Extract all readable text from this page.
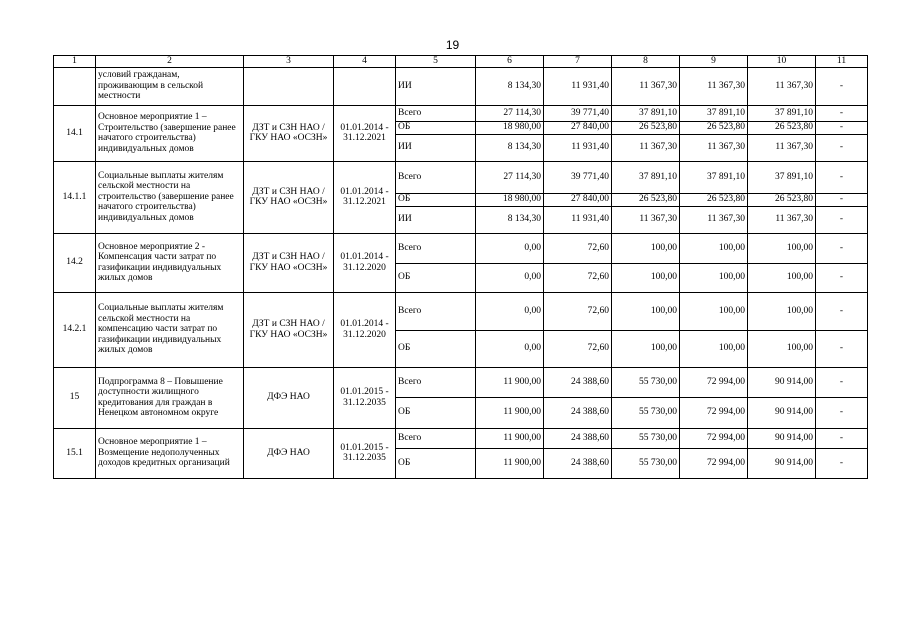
19
1	2	3	4	5	6	7	8	9	10	11
	условий гражданам, проживающим в сельской местности			ИИ	8 134,30	11 931,40	11 367,30	11 367,30	11 367,30	-
14.1	Основное мероприятие 1 – Строительство (завершение ранее начатого строительства) индивидуальных домов	ДЗТ и СЗН НАО / ГКУ НАО «ОСЗН»	01.01.2014 - 31.12.2021	Всего	27 114,30	39 771,40	37 891,10	37 891,10	37 891,10	-
				ОБ	18 980,00	27 840,00	26 523,80	26 523,80	26 523,80	-
				ИИ	8 134,30	11 931,40	11 367,30	11 367,30	11 367,30	-
14.1.1	Социальные выплаты жителям сельской местности на строительство (завершение ранее начатого строительства) индивидуальных домов	ДЗТ и СЗН НАО / ГКУ НАО «ОСЗН»	01.01.2014 - 31.12.2021	Всего	27 114,30	39 771,40	37 891,10	37 891,10	37 891,10	-
				ОБ	18 980,00	27 840,00	26 523,80	26 523,80	26 523,80	-
				ИИ	8 134,30	11 931,40	11 367,30	11 367,30	11 367,30	-
14.2	Основное мероприятие 2 - Компенсация части затрат по газификации индивидуальных жилых домов	ДЗТ и СЗН НАО / ГКУ НАО «ОСЗН»	01.01.2014 - 31.12.2020	Всего	0,00	72,60	100,00	100,00	100,00	-
				ОБ	0,00	72,60	100,00	100,00	100,00	-
14.2.1	Социальные выплаты жителям сельской местности на компенсацию части затрат по газификации индивидуальных жилых домов	ДЗТ и СЗН НАО / ГКУ НАО «ОСЗН»	01.01.2014 - 31.12.2020	Всего	0,00	72,60	100,00	100,00	100,00	-
				ОБ	0,00	72,60	100,00	100,00	100,00	-
15	Подпрограмма 8 – Повышение доступности жилищного кредитования для граждан в Ненецком автономном округе	ДФЭ НАО	01.01.2015 - 31.12.2035	Всего	11 900,00	24 388,60	55 730,00	72 994,00	90 914,00	-
				ОБ	11 900,00	24 388,60	55 730,00	72 994,00	90 914,00	-
15.1	Основное мероприятие 1 – Возмещение недополученных доходов кредитных организаций	ДФЭ НАО	01.01.2015 - 31.12.2035	Всего	11 900,00	24 388,60	55 730,00	72 994,00	90 914,00	-
				ОБ	11 900,00	24 388,60	55 730,00	72 994,00	90 914,00	-
